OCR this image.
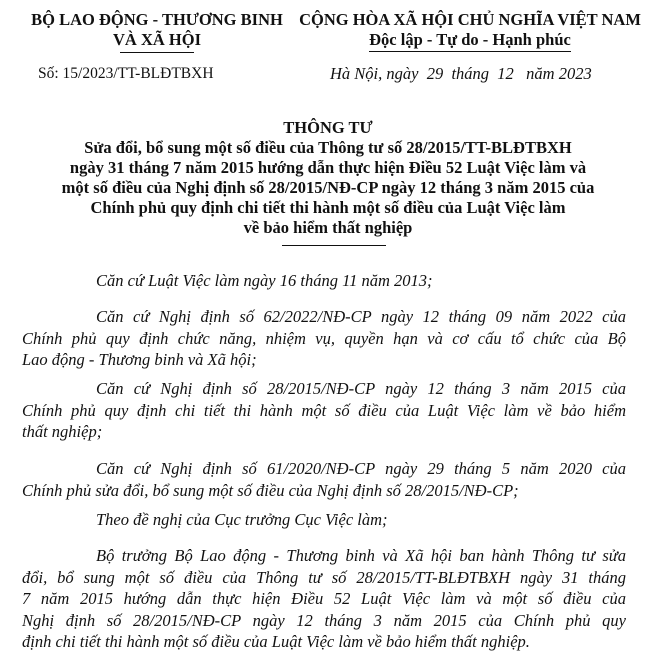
BỘ LAO ĐỘNG - THƯƠNG BINH
VÀ XÃ HỘI
CỘNG HÒA XÃ HỘI CHỦ NGHĨA VIỆT NAM
Độc lập - Tự do - Hạnh phúc
Số: 15/2023/TT-BLĐTBXH	Hà Nội, ngày  29  tháng  12   năm 2023
THÔNG TƯ
Sửa đổi, bổ sung một số điều của Thông tư số 28/2015/TT-BLĐTBXH
ngày 31 tháng 7 năm 2015 hướng dẫn thực hiện Điều 52 Luật Việc làm và
một số điều của Nghị định số 28/2015/NĐ-CP ngày 12 tháng 3 năm 2015 của
Chính phủ quy định chi tiết thi hành một số điều của Luật Việc làm
về bảo hiểm thất nghiệp
Căn cứ Luật Việc làm ngày 16 tháng 11 năm 2013;
Căn cứ Nghị định số 62/2022/NĐ-CP ngày 12 tháng 09 năm 2022 của
Chính phủ quy định chức năng, nhiệm vụ, quyền hạn và cơ cấu tổ chức của Bộ
Lao động - Thương binh và Xã hội;
Căn cứ Nghị định số 28/2015/NĐ-CP ngày 12 tháng 3 năm 2015 của
Chính phủ quy định chi tiết thi hành một số điều của Luật Việc làm về bảo hiểm
thất nghiệp;
Căn cứ Nghị định số 61/2020/NĐ-CP ngày 29 tháng 5 năm 2020 của
Chính phủ sửa đổi, bổ sung một số điều của Nghị định số 28/2015/NĐ-CP;
Theo đề nghị của Cục trưởng Cục Việc làm;
Bộ trưởng Bộ Lao động - Thương binh và Xã hội ban hành Thông tư sửa
đổi, bổ sung một số điều của Thông tư số 28/2015/TT-BLĐTBXH ngày 31 tháng
7 năm 2015 hướng dẫn thực hiện Điều 52 Luật Việc làm và một số điều của
Nghị định số 28/2015/NĐ-CP ngày 12 tháng 3 năm 2015 của Chính phủ quy
định chi tiết thi hành một số điều của Luật Việc làm về bảo hiểm thất nghiệp.
